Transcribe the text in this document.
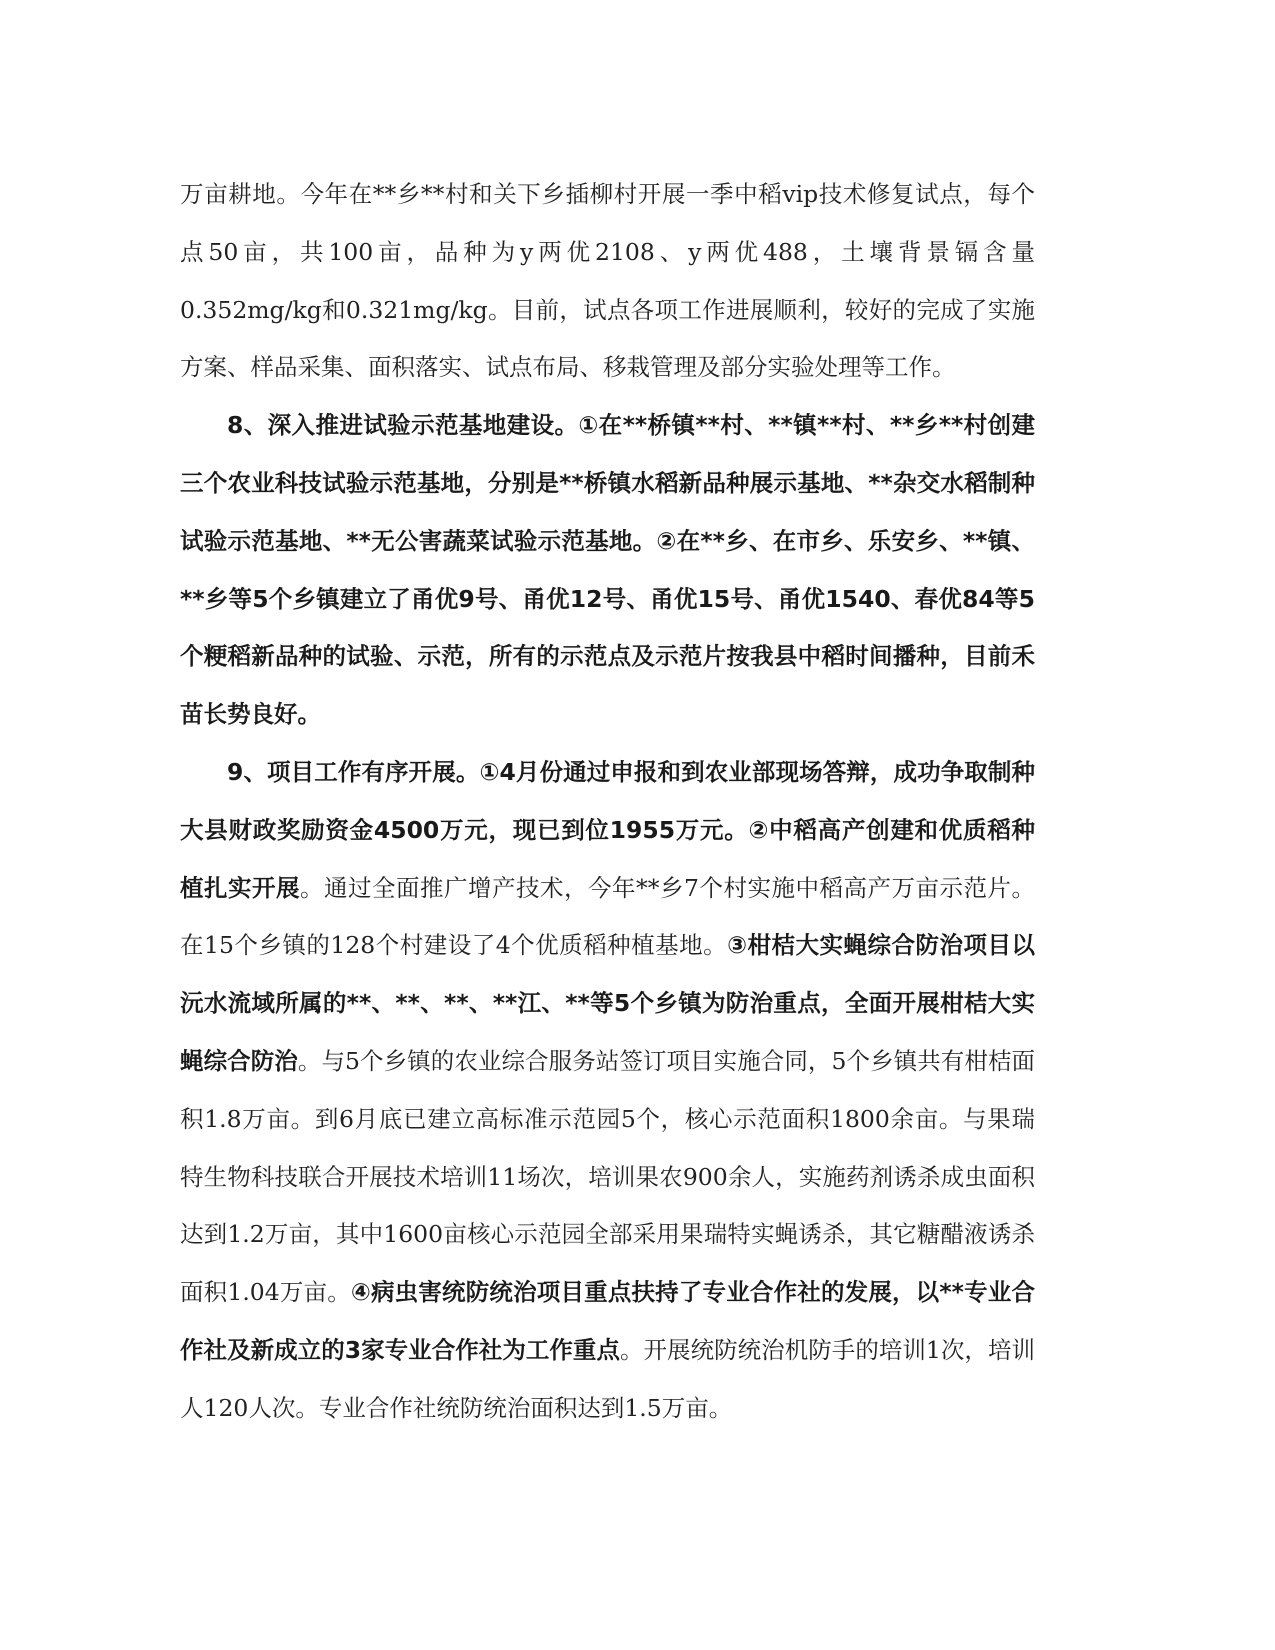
万亩耕地。今年在**乡**村和关下乡插柳村开展一季中稻vip技术修复试点，每个点50亩，共100亩，品种为y两优2108、y两优488，土壤背景镉含量0.352mg/kg和0.321mg/kg。目前，试点各项工作进展顺利，较好的完成了实施方案、样品采集、面积落实、试点布局、移栽管理及部分实验处理等工作。

8、深入推进试验示范基地建设。①在**桥镇**村、**镇**村、**乡**村创建三个农业科技试验示范基地，分别是**桥镇水稻新品种展示基地、**杂交水稻制种试验示范基地、**无公害蔬菜试验示范基地。②在**乡、在市乡、乐安乡、**镇、**乡等5个乡镇建立了甬优9号、甬优12号、甬优15号、甬优1540、春优84等5个粳稻新品种的试验、示范，所有的示范点及示范片按我县中稻时间播种，目前禾苗长势良好。

9、项目工作有序开展。①4月份通过申报和到农业部现场答辩，成功争取制种大县财政奖励资金4500万元，现已到位1955万元。②中稻高产创建和优质稻种植扎实开展。通过全面推广增产技术，今年**乡7个村实施中稻高产万亩示范片。在15个乡镇的128个村建设了4个优质稻种植基地。③柑桔大实蝇综合防治项目以沅水流域所属的**、**、**、**江、**等5个乡镇为防治重点，全面开展柑桔大实蝇综合防治。与5个乡镇的农业综合服务站签订项目实施合同，5个乡镇共有柑桔面积1.8万亩。到6月底已建立高标准示范园5个，核心示范面积1800余亩。与果瑞特生物科技联合开展技术培训11场次，培训果农900余人，实施药剂诱杀成虫面积达到1.2万亩，其中1600亩核心示范园全部采用果瑞特实蝇诱杀，其它糖醋液诱杀面积1.04万亩。④病虫害统防统治项目重点扶持了专业合作社的发展，以**专业合作社及新成立的3家专业合作社为工作重点。开展统防统治机防手的培训1次，培训人120人次。专业合作社统防统治面积达到1.5万亩。
